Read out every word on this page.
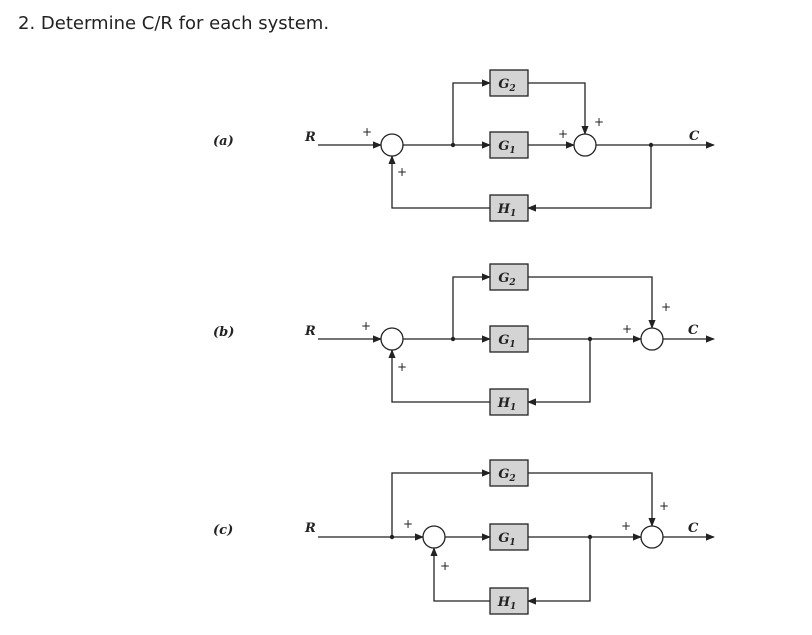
2. Determine C/R for each system.
(a)
(b)
(c)
R	+
$G_2$
$G_1$
+
+	C
$H_1$
+
R	+
$G_2$
$G_1$
+
+	C
$H_1$
+
R	+
$G_2$
$G_1$
+
+	C
$H_1$
+
